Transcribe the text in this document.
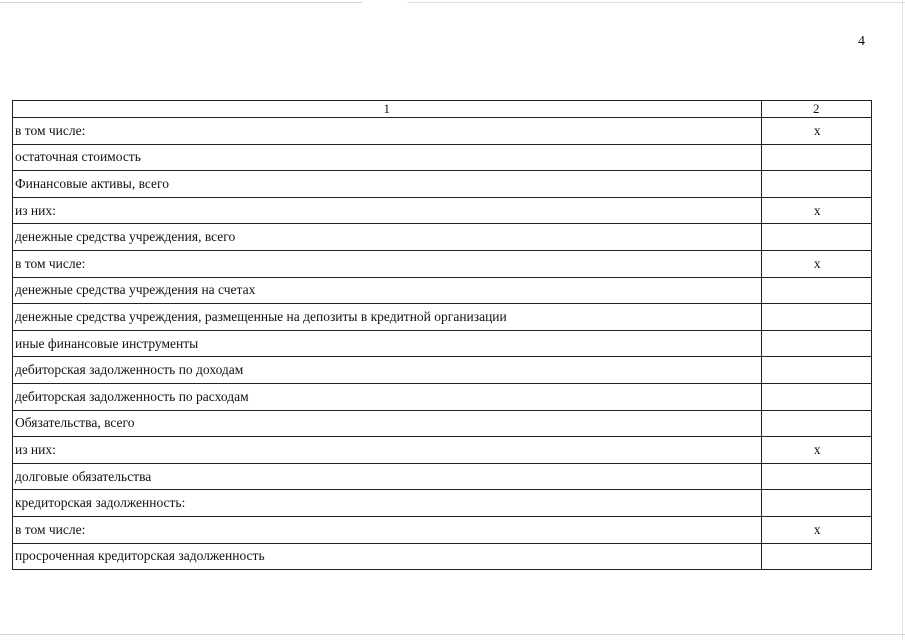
4
1	2
в том числе:	x
остаточная стоимость	
Финансовые активы, всего	
из них:	x
денежные средства учреждения, всего	
в том числе:	x
денежные средства учреждения на счетах	
денежные средства учреждения, размещенные на депозиты в кредитной организации	
иные финансовые инструменты	
дебиторская задолженность по доходам	
дебиторская задолженность по расходам	
Обязательства, всего	
из них:	x
долговые обязательства	
кредиторская задолженность:	
в том числе:	x
просроченная кредиторская задолженность	
